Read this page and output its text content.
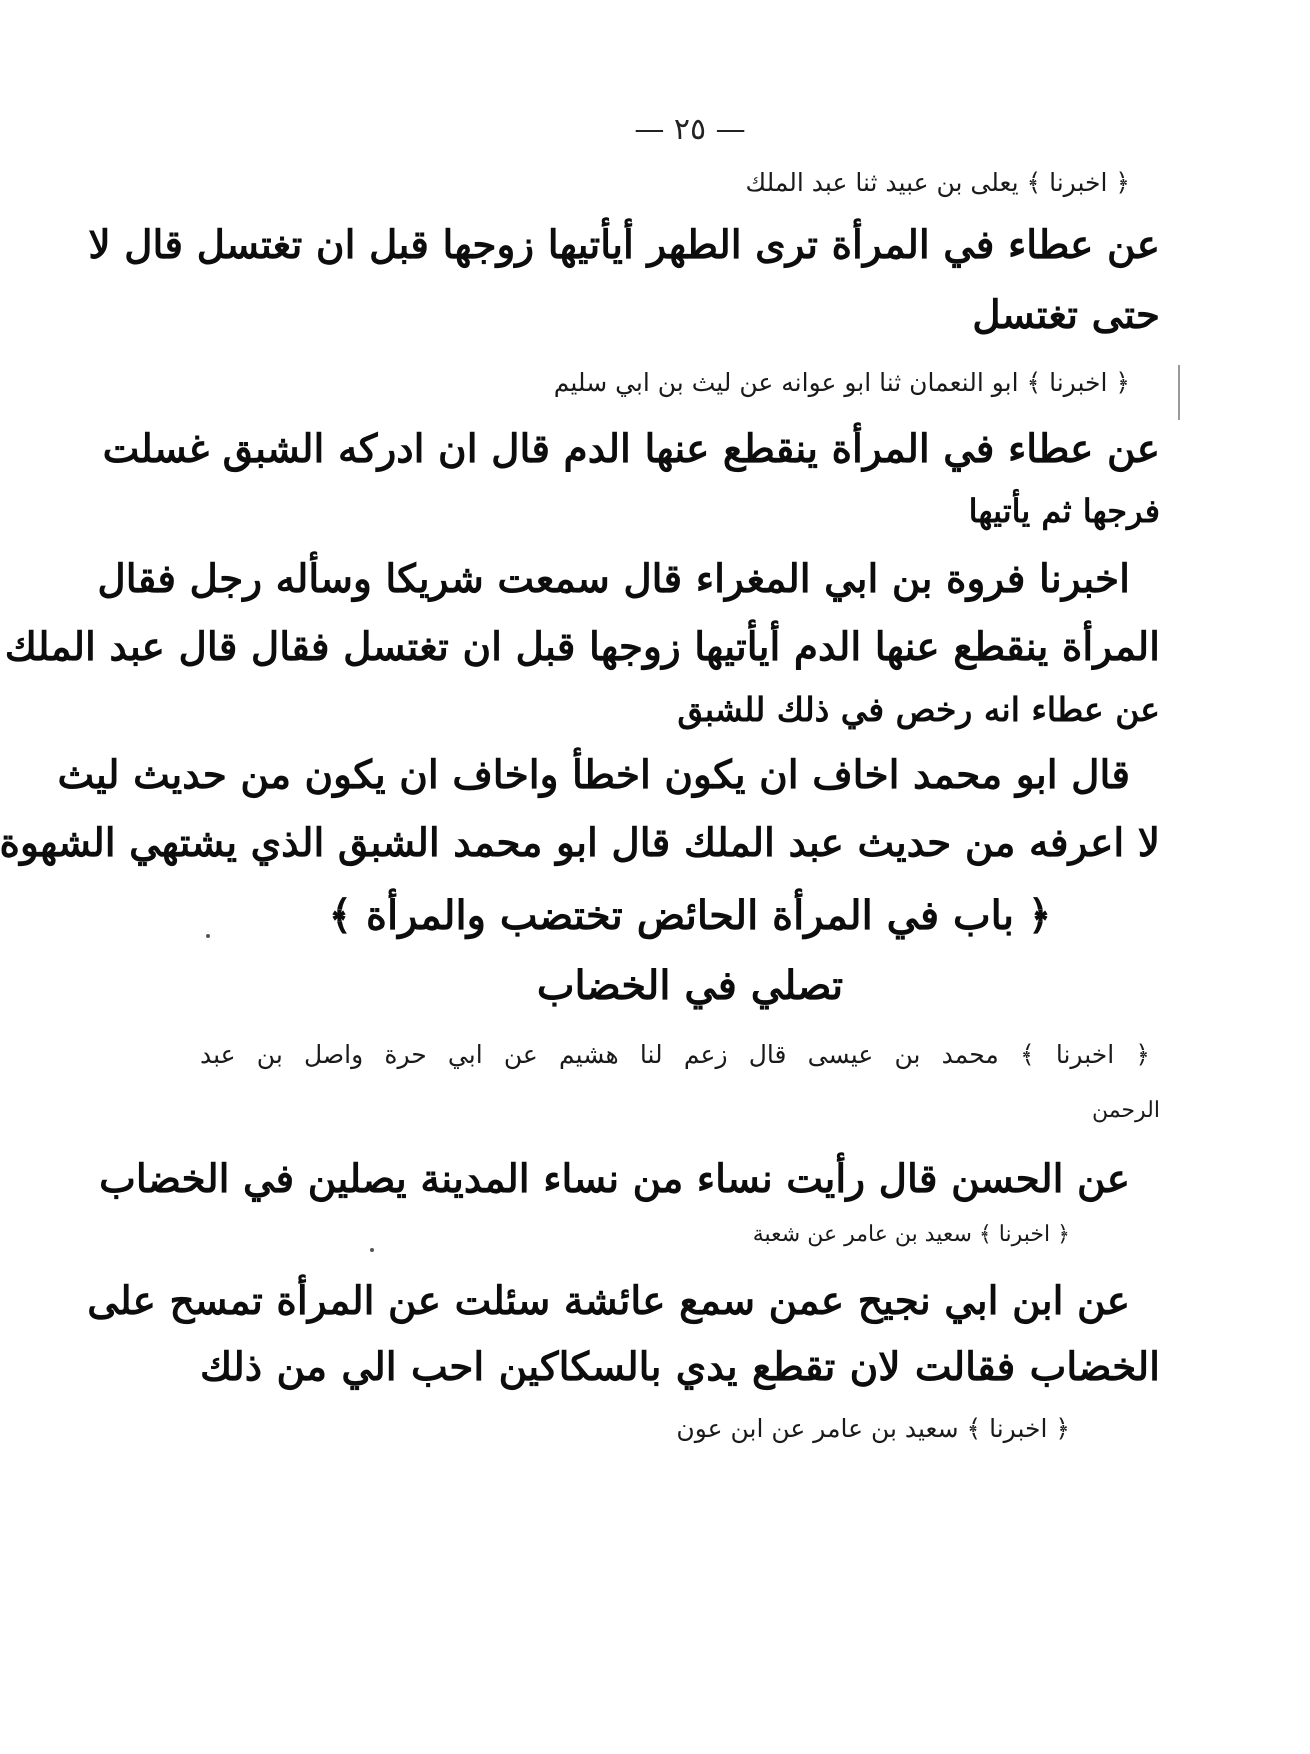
— ٢٥ —
﴿ اخبرنا ﴾ يعلى بن عبيد ثنا عبد الملك
عن عطاء في المرأة ترى الطهر أيأتيها زوجها قبل ان تغتسل قال لا
حتى تغتسل
﴿ اخبرنا ﴾ ابو النعمان ثنا ابو عوانه عن ليث بن ابي سليم
عن عطاء في المرأة ينقطع عنها الدم قال ان ادركه الشبق غسلت
فرجها ثم يأتيها
اخبرنا فروة بن ابي المغراء قال سمعت شريكا وسأله رجل فقال
المرأة ينقطع عنها الدم أيأتيها زوجها قبل ان تغتسل فقال قال عبد الملك
عن عطاء انه رخص في ذلك للشبق
قال ابو محمد اخاف ان يكون اخطأ واخاف ان يكون من حديث ليث
لا اعرفه من حديث عبد الملك قال ابو محمد الشبق الذي يشتهي الشهوة
﴿ باب في المرأة الحائض تختضب والمرأة ﴾
تصلي في الخضاب
﴿ اخبرنا ﴾ محمد بن عيسى قال زعم لنا هشيم عن ابي حرة واصل بن عبد
الرحمن
عن الحسن قال رأيت نساء من نساء المدينة يصلين في الخضاب
﴿ اخبرنا ﴾ سعيد بن عامر عن شعبة
عن ابن ابي نجيح عمن سمع عائشة سئلت عن المرأة تمسح على
الخضاب فقالت لان تقطع يدي بالسكاكين احب الي من ذلك
﴿ اخبرنا ﴾ سعيد بن عامر عن ابن عون
